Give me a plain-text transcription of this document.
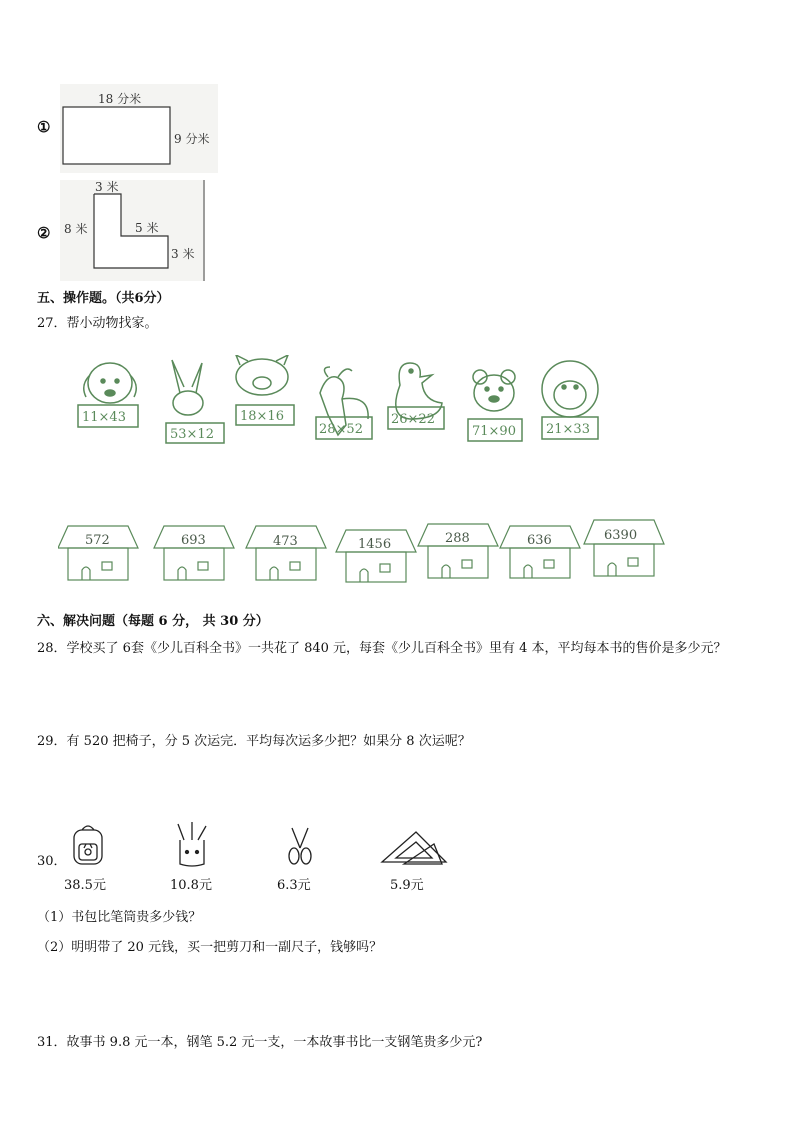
①
18 分米
9 分米
②
3 米
8 米	5 米
3 米
五、操作题。（共6分）
27．帮小动物找家。
11×43
53×12
18×16
28×52
26×22
71×90 21×33
572	693	473	1456	288	636	6390
六、解决问题（每题 6 分， 共 30 分）
28．学校买了 6套《少儿百科全书》一共花了 840 元，每套《少儿百科全书》里有 4 本，平均每本书的售价是多少元？
29．有 520 把椅子，分 5 次运完．平均每次运多少把？如果分 8 次运呢？
30．
38.5元	10.8元	6.3元	5.9元
（1）书包比笔筒贵多少钱？
（2）明明带了 20 元钱，买一把剪刀和一副尺子，钱够吗？
31．故事书 9.8 元一本，钢笔 5.2 元一支，一本故事书比一支钢笔贵多少元?
